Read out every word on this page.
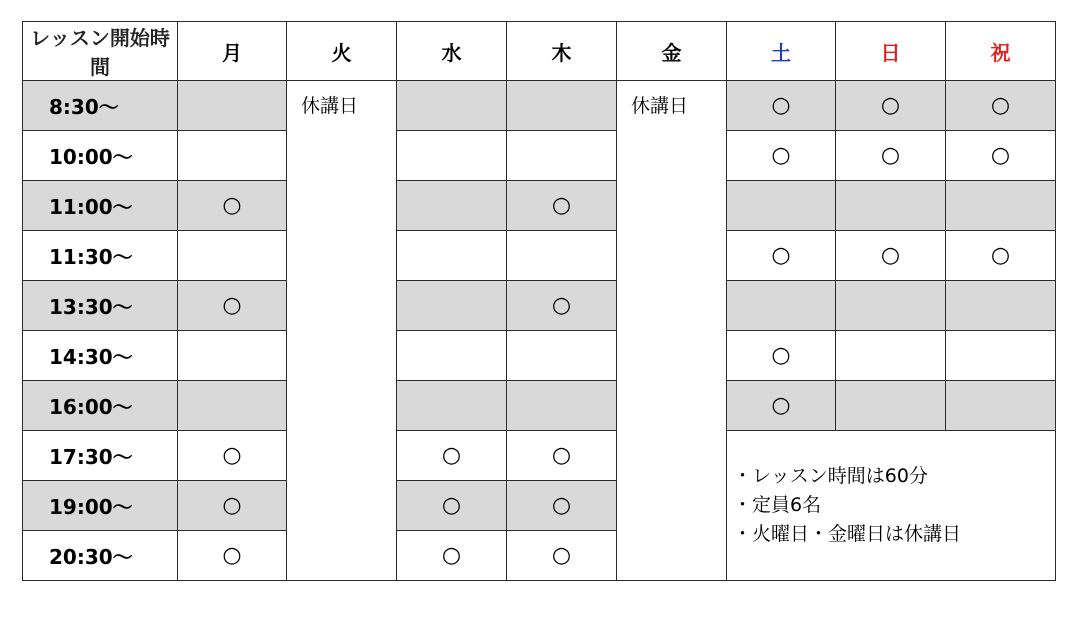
レッスン開始時間	月	火	水	木	金	土	日	祝
8:30～		休講日			休講日	○	○	○
10:00～						○	○	○
11:00～	○			○				
11:30～						○	○	○
13:30～	○			○				
14:30～						○		
16:00～						○		
17:30～	○		○	○		・レッスン時間は60分
・定員6名
・火曜日・金曜日は休講日		

19:00～	○		○	○				
20:30～	○		○	○				
